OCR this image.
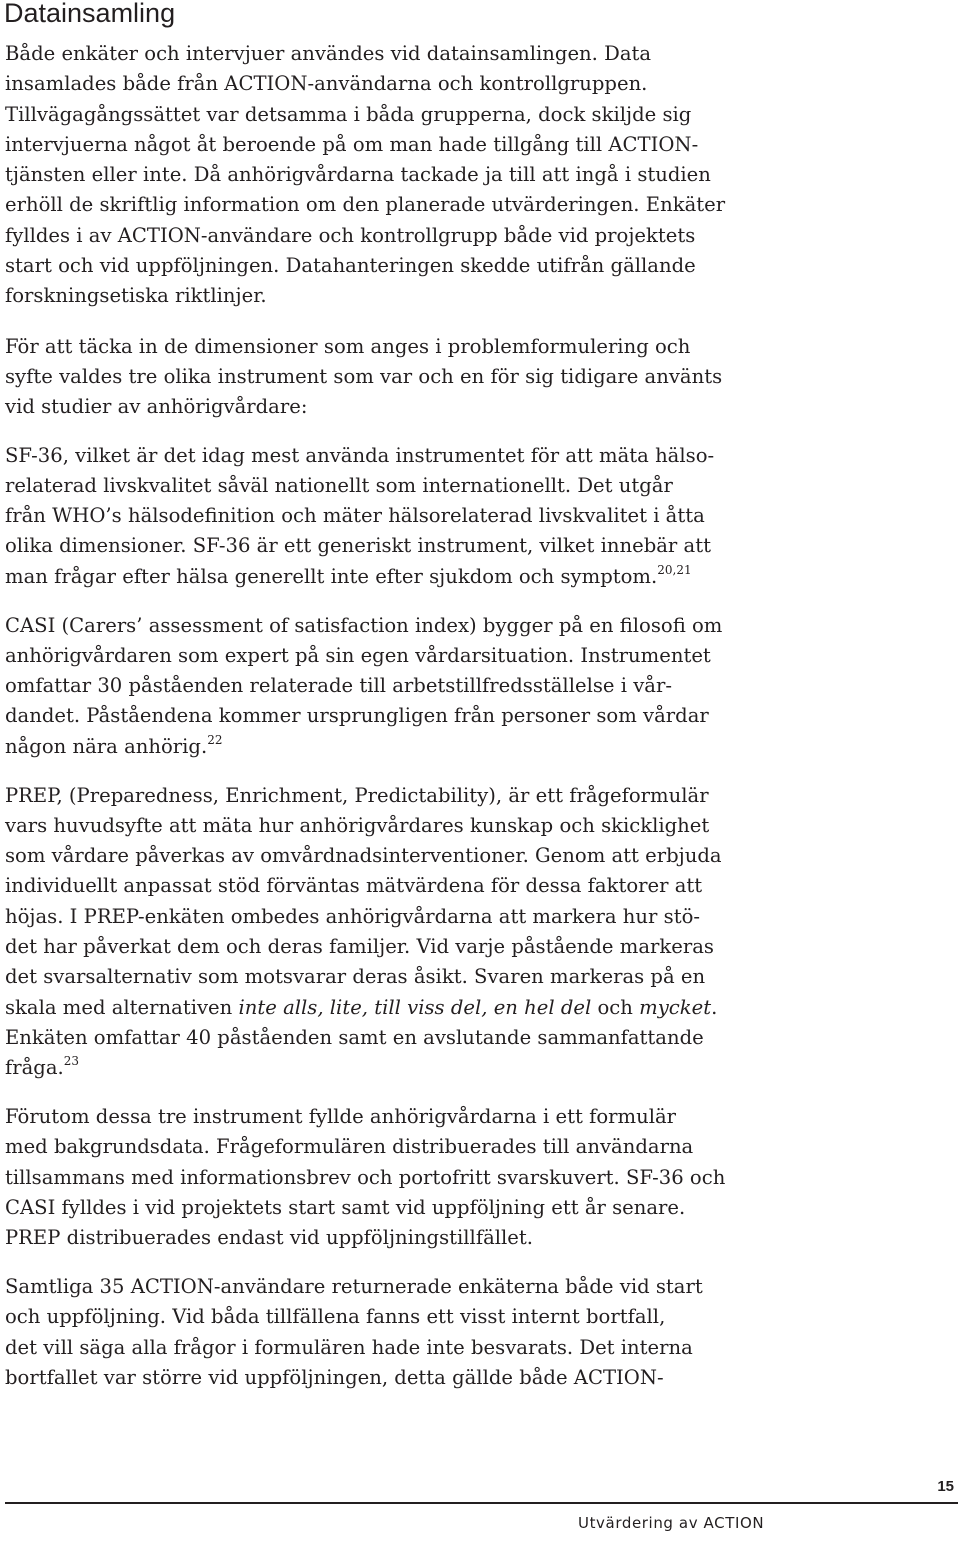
Datainsamling

Både enkäter och intervjuer användes vid datainsamlingen. Data
insamlades både från ACTION-användarna och kontrollgruppen.
Tillvägagångssättet var detsamma i båda grupperna, dock skiljde sig
intervjuerna något åt beroende på om man hade tillgång till ACTION-
tjänsten eller inte. Då anhörigvårdarna tackade ja till att ingå i studien
erhöll de skriftlig information om den planerade utvärderingen. Enkäter
fylldes i av ACTION-användare och kontrollgrupp både vid projektets
start och vid uppföljningen. Datahanteringen skedde utifrån gällande
forskningsetiska riktlinjer.

För att täcka in de dimensioner som anges i problemformulering och
syfte valdes tre olika instrument som var och en för sig tidigare använts
vid studier av anhörigvårdare:

SF-36, vilket är det idag mest använda instrumentet för att mäta hälso-
relaterad livskvalitet såväl nationellt som internationellt. Det utgår
från WHO’s hälsodefinition och mäter hälsorelaterad livskvalitet i åtta
olika dimensioner. SF-36 är ett generiskt instrument, vilket innebär att
man frågar efter hälsa generellt inte efter sjukdom och symptom.$^{20,21}$

CASI (Carers’ assessment of satisfaction index) bygger på en filosofi om
anhörigvårdaren som expert på sin egen vårdarsituation. Instrumentet
omfattar 30 påståenden relaterade till arbetstillfredsställelse i vår-
dandet. Påståendena kommer ursprungligen från personer som vårdar
någon nära anhörig.$^{22}$

PREP, (Preparedness, Enrichment, Predictability), är ett frågeformulär
vars huvudsyfte att mäta hur anhörigvårdares kunskap och skicklighet
som vårdare påverkas av omvårdnadsinterventioner. Genom att erbjuda
individuellt anpassat stöd förväntas mätvärdena för dessa faktorer att
höjas. I PREP-enkäten ombedes anhörigvårdarna att markera hur stö-
det har påverkat dem och deras familjer. Vid varje påstående markeras
det svarsalternativ som motsvarar deras åsikt. Svaren markeras på en
skala med alternativen inte alls, lite, till viss del, en hel del och mycket.
Enkäten omfattar 40 påståenden samt en avslutande sammanfattande
fråga.$^{23}$

Förutom dessa tre instrument fyllde anhörigvårdarna i ett formulär
med bakgrundsdata. Frågeformulären distribuerades till användarna
tillsammans med informationsbrev och portofritt svarskuvert. SF-36 och
CASI fylldes i vid projektets start samt vid uppföljning ett år senare.
PREP distribuerades endast vid uppföljningstillfället.

Samtliga 35 ACTION-användare returnerade enkäterna både vid start
och uppföljning. Vid båda tillfällena fanns ett visst internt bortfall,
det vill säga alla frågor i formulären hade inte besvarats. Det interna
bortfallet var större vid uppföljningen, detta gällde både ACTION-

15
Utvärdering av ACTION
